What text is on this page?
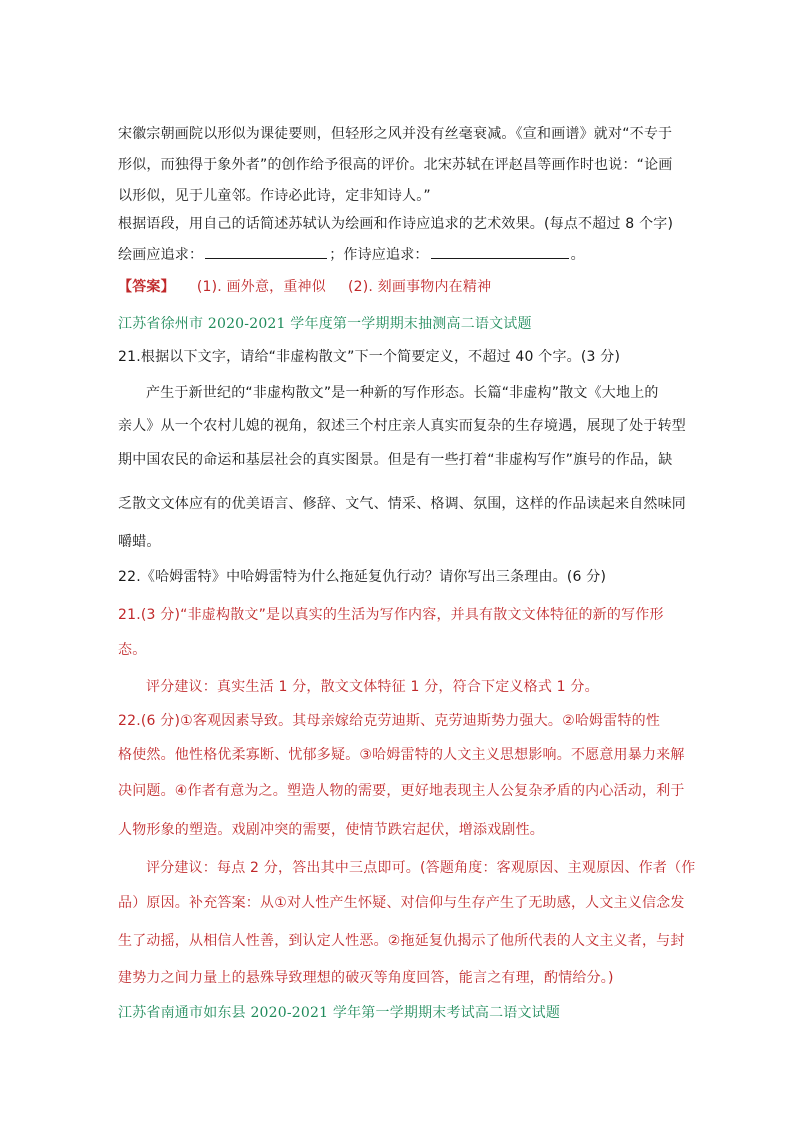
宋徽宗朝画院以形似为课徒要则，但轻形之风并没有丝毫衰减。《宣和画谱》就对“不专于
形似，而独得于象外者”的创作给予很高的评价。北宋苏轼在评赵昌等画作时也说：“论画
以形似，见于儿童邻。作诗必此诗，定非知诗人。”
根据语段，用自己的话简述苏轼认为绘画和作诗应追求的艺术效果。(每点不超过 8 个字)
绘画应追求：	；作诗应追求：	。
【答案】 (1). 画外意，重神似 (2). 刻画事物内在精神
江苏省徐州市 2020-2021 学年度第一学期期末抽测高二语文试题
21.根据以下文字，请给“非虚构散文”下一个简要定义，不超过 40 个字。(3 分)
产生于新世纪的“非虚构散文”是一种新的写作形态。长篇“非虚构”散文《大地上的
亲人》从一个农村儿媳的视角，叙述三个村庄亲人真实而复杂的生存境遇，展现了处于转型
期中国农民的命运和基层社会的真实图景。但是有一些打着“非虚构写作”旗号的作品，缺
乏散文文体应有的优美语言、修辞、文气、情采、格调、氛围，这样的作品读起来自然味同
嚼蜡。
22.《哈姆雷特》中哈姆雷特为什么拖延复仇行动？请你写出三条理由。(6 分)
21.(3 分)“非虚构散文”是以真实的生活为写作内容，并具有散文文体特征的新的写作形
态。
评分建议：真实生活 1 分，散文文体特征 1 分，符合下定义格式 1 分。
22.(6 分)①客观因素导致。其母亲嫁给克劳迪斯、克劳迪斯势力强大。②哈姆雷特的性
格使然。他性格优柔寡断、忧郁多疑。③哈姆雷特的人文主义思想影响。不愿意用暴力来解
决问题。④作者有意为之。塑造人物的需要，更好地表现主人公复杂矛盾的内心活动，利于
人物形象的塑造。戏剧冲突的需要，使情节跌宕起伏，增添戏剧性。
评分建议：每点 2 分，答出其中三点即可。(答题角度：客观原因、主观原因、作者（作
品）原因。补充答案：从①对人性产生怀疑、对信仰与生存产生了无助感，人文主义信念发
生了动摇，从相信人性善，到认定人性恶。②拖延复仇揭示了他所代表的人文主义者，与封
建势力之间力量上的悬殊导致理想的破灭等角度回答，能言之有理，酌情给分。)
江苏省南通市如东县 2020-2021 学年第一学期期末考试高二语文试题
